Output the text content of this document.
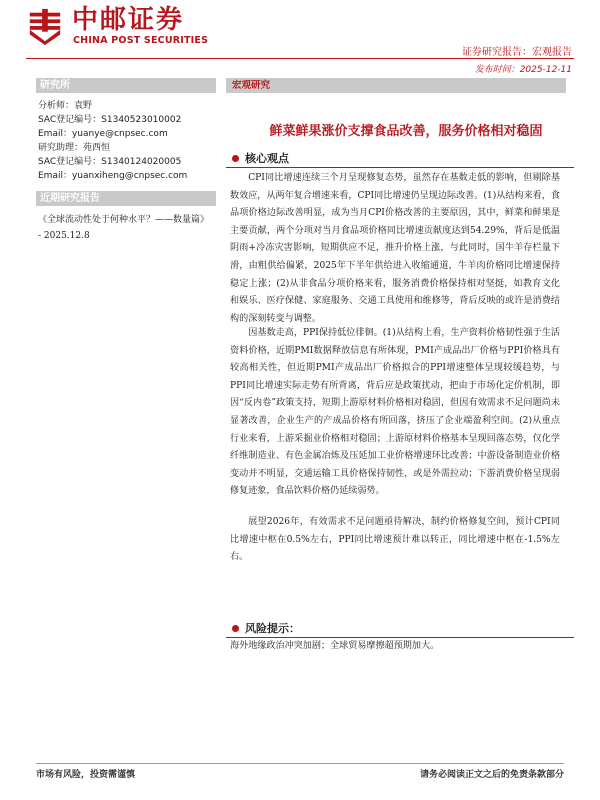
中邮证券
CHINA POST SECURITIES
证券研究报告：宏观报告
发布时间：2025-12-11
研究所
分析师：袁野
SAC登记编号：S1340523010002
Email：yuanye@cnpsec.com
研究助理：苑西恒
SAC登记编号：S1340124020005
Email：yuanxiheng@cnpsec.com
近期研究报告
《全球流动性处于何种水平？——数量篇》 - 2025.12.8
宏观研究
鲜菜鲜果涨价支撑食品改善，服务价格相对稳固
核心观点

CPI同比增速连续三个月呈现修复态势，虽然存在基数走低的影响，但剔除基数效应，从两年复合增速来看，CPI同比增速仍呈现边际改善。(1)从结构来看，食品项价格边际改善明显，成为当月CPI价格改善的主要原因，其中，鲜菜和鲜果是主要贡献，两个分项对当月食品项价格同比增速贡献度达到54.29%，背后是低温阴雨+冷冻灾害影响，短期供应不足，推升价格上涨，与此同时，国牛羊存栏量下滑，由粗供给偏紧，2025年下半年供给进入收缩通道，牛羊肉价格同比增速保持稳定上涨；(2)从非食品分项价格来看，服务消费价格保持相对坚挺，如教育文化和娱乐、医疗保健、家庭服务、交通工具使用和维修等，背后反映的或许是消费结构的深刻转变与调整。

因基数走高，PPI保持低位徘徊。(1)从结构上看，生产资料价格韧性强于生活资料价格，近期PMI数据释放信息有所体现，PMI产成品出厂价格与PPI价格具有较高相关性，但近期PMI产成品出厂价格拟合的PPI增速整体呈现较缓趋势，与PPI同比增速实际走势有所背离，背后应是政策扰动，把由于市场化定价机制，即因“反内卷”政策支持，短期上游原材料价格相对稳固，但因有效需求不足问题尚未显著改善，企业生产的产成品价格有所回落，挤压了企业端盈利空间。(2)从重点行业来看，上游采掘业价格相对稳固；上游原材料价格基本呈现回落态势，仅化学纤维制造业、有色金属冶炼及压延加工业价格增速环比改善；中游设备制造业价格变动并不明显，交通运输工具价格保持韧性，或是外需拉动；下游消费价格呈现弱修复迹象，食品饮料价格仍延续弱势。

展望2026年，有效需求不足问题亟待解决，制约价格修复空间，预计CPI同比增速中枢在0.5%左右，PPI同比增速预计难以转正，同比增速中枢在-1.5%左右。

风险提示：
海外地缘政治冲突加剧；全球贸易摩擦超预期加大。
市场有风险，投资需谨慎	请务必阅读正文之后的免责条款部分
